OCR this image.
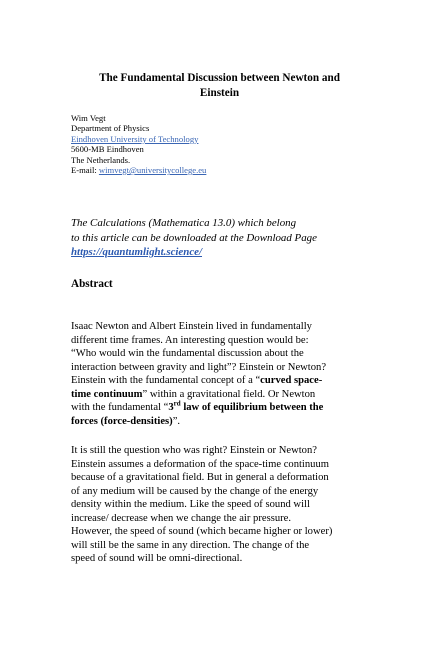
The Fundamental Discussion between Newton and
Einstein
Wim Vegt
Department of Physics
Eindhoven University of Technology
5600-MB Eindhoven
The Netherlands.
E-mail: wimvegt@universitycollege.eu
The Calculations (Mathematica 13.0) which belong
to this article can be downloaded at the Download Page
https://quantumlight.science/
Abstract
Isaac Newton and Albert Einstein lived in fundamentally
different time frames. An interesting question would be:
“Who would win the fundamental discussion about the
interaction between gravity and light”? Einstein or Newton?
Einstein with the fundamental concept of a “curved space-
time continuum” within a gravitational field. Or Newton
with the fundamental “3rd law of equilibrium between the
forces (force-densities)”.
It is still the question who was right? Einstein or Newton?
Einstein assumes a deformation of the space-time continuum
because of a gravitational field. But in general a deformation
of any medium will be caused by the change of the energy
density within the medium. Like the speed of sound will
increase/ decrease when we change the air pressure.
However, the speed of sound (which became higher or lower)
will still be the same in any direction. The change of the
speed of sound will be omni-directional.
